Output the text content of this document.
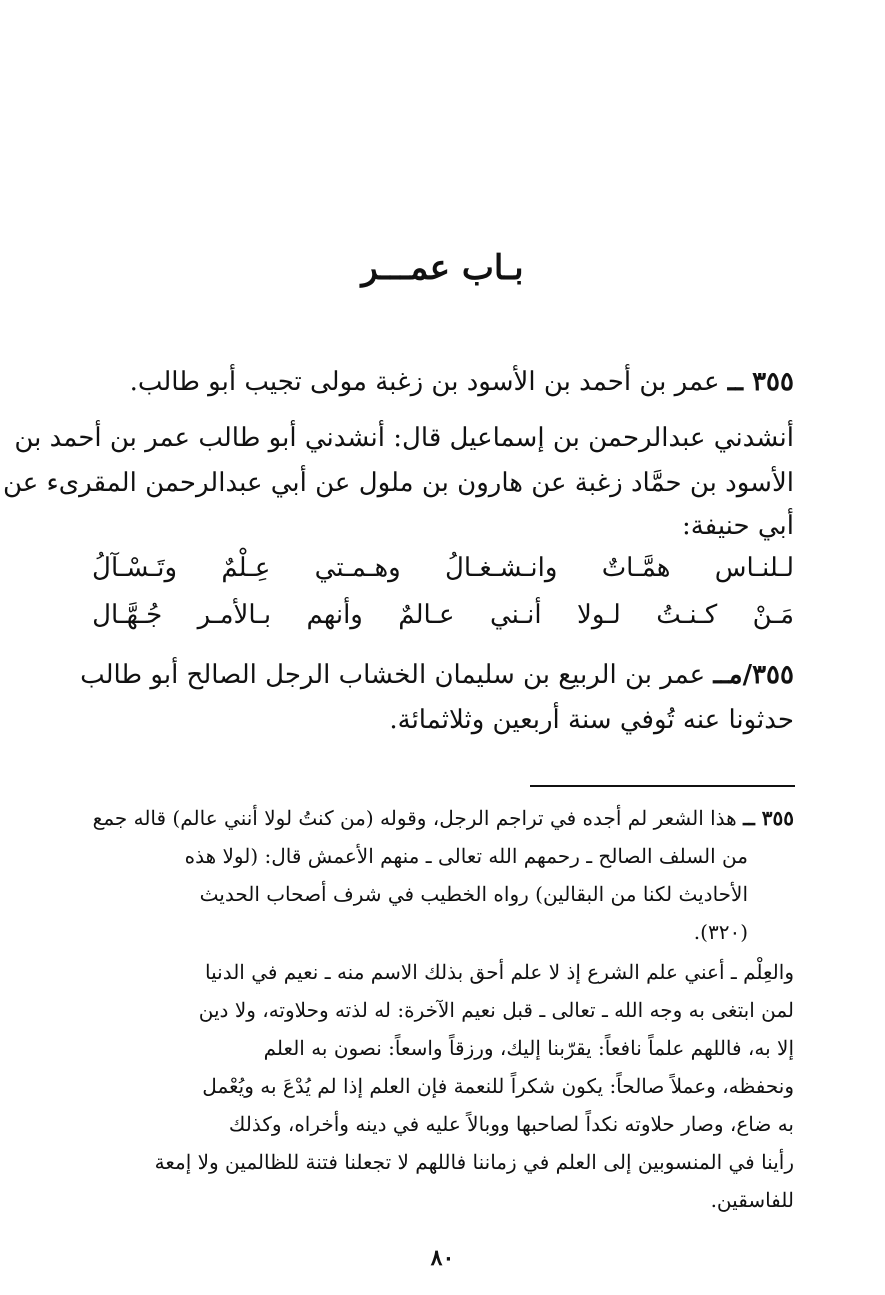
بـاب عمـــر
٣٥٥ ــ عمر بن أحمد بن الأسود بن زغبة مولى تجيب أبو طالب.
أنشدني عبدالرحمن بن إسماعيل قال: أنشدني أبو طالب عمر بن أحمد بن
الأسود بن حمَّاد زغبة عن هارون بن ملول عن أبي عبدالرحمن المقرىء عن
أبي حنيفة:
لـلنـاس
همَّـاتٌ
وانـشـغـالُ
وهـمـتي
عِـلْمٌ
وتَـسْـآلُ
مَـنْ
كـنـتُ
لـولا
أنـني
عـالمٌ
وأنهم
بـالأمـر
جُـهَّـال
٣٥٥/مــ عمر بن الربيع بن سليمان الخشاب الرجل الصالح أبو طالب
حدثونا عنه تُوفي سنة أربعين وثلاثمائة.
٣٥٥ ــ هذا الشعر لم أجده في تراجم الرجل، وقوله (من كنتُ لولا أنني عالم) قاله جمع
من السلف الصالح ـ رحمهم الله تعالى ـ منهم الأعمش قال: (لولا هذه
الأحاديث لكنا من البقالين) رواه الخطيب في شرف أصحاب الحديث
(٣٢٠).
والعِلْم ـ أعني علم الشرع إذ لا علم أحق بذلك الاسم منه ـ نعيم في الدنيا
لمن ابتغى به وجه الله ـ تعالى ـ قبل نعيم الآخرة: له لذته وحلاوته، ولا دين
إلا به، فاللهم علماً نافعاً: يقرّبنا إليك، ورزقاً واسعاً: نصون به العلم
ونحفظه، وعملاً صالحاً: يكون شكراً للنعمة فإن العلم إذا لم يُدْعَ به ويُعْمل
به ضاع، وصار حلاوته نكداً لصاحبها ووبالاً عليه في دينه وأخراه، وكذلك
رأينا في المنسوبين إلى العلم في زماننا فاللهم لا تجعلنا فتنة للظالمين ولا إمعة
للفاسقين.
٨٠
